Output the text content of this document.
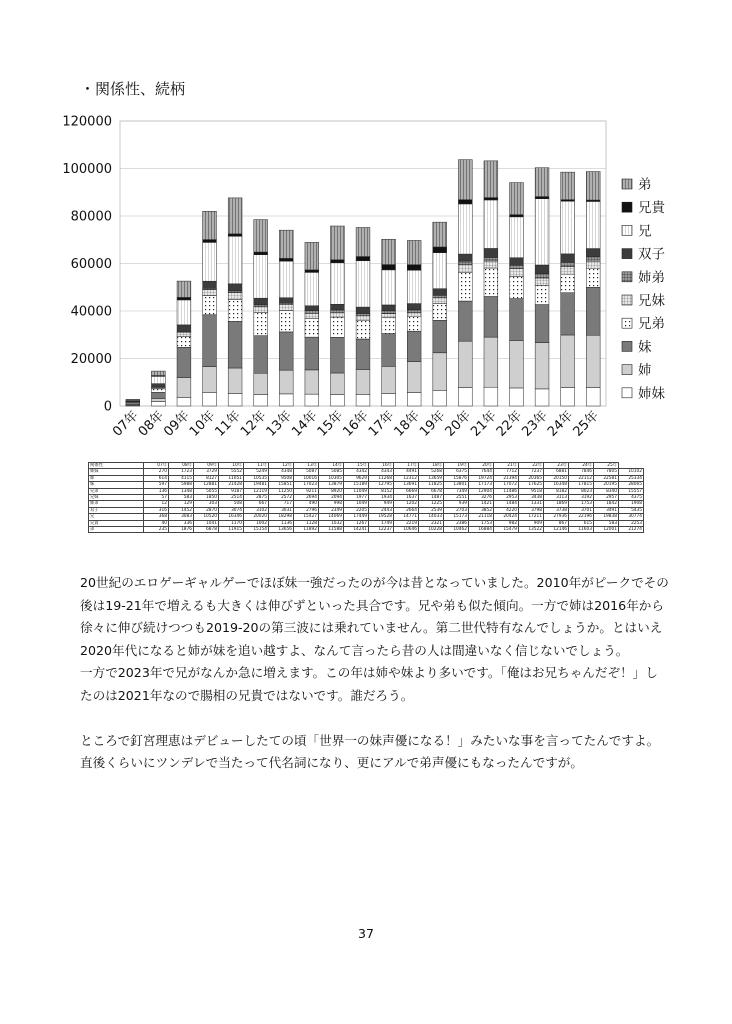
・関係性、続柄
0
20000
40000
60000
80000
100000
120000
07年
08年
09年
10年
11年
12年
13年
14年
15年
16年
17年
18年
19年
20年
21年
22年
23年
24年
25年
弟
兄貴
兄
双子
姉弟
兄妹
兄弟
妹
姉
姉妹
関係性	07年	08年	09年	10年	11年	12年	13年	14年	15年	16年	17年	18年	19年	20年	21年	22年	23年	24年	25年	
姉妹	270	1723	3729	5552	5249	4348	5087	5085	4342	4343	4491	5268	6375	7644	7712	7237	6881	7846	7805	10102
姉	614	4115	8127	11051	10535	9508	10016	10305	9629	11268	12312	13659	15876	19724	21394	20365	20150	22112	22581	25334
妹	597	5988	12881	21428	19481	15851	17023	13879	15189	12795	13691	11825	13801	17173	17072	17625	16348	17815	20195	28065
兄弟	136	1348	5055	9187	12119	11250	9211	8920	11049	8152	6669	6678	7349	12904	11486	9518	8182	8023	8340	15557
兄妹	57	583	1850	2514	2875	2572	2694	2094	1977	1934	1637	1487	2551	3276	2953	3438	3113	3192	2957	4375
姉弟	12	129	303	508	667	717	490	998	1049	949	1202	1225	939	1421	1484	1331	1869	1753	1842	1908
双子	316	1452	2870	3074	3102	3031	2796	2349	2205	2443	2664	2539	2703	3852	4220	3798	3738	3701	3491	5435
兄	368	3083	10520	16346	20020	18298	15427	14069	17449	19528	14771	14033	15173	21118	20424	17211	27936	22196	19838	30774
兄貴	40	336	1041	1170	1002	1136	1128	1032	1267	1749	2219	2321	2386	1753	982	909	867	615	583	2253
弟	235	1876	6878	11915	15154	13656	11892	11588	14241	12237	10646	10228	10462	16884	15479	13522	12146	11603	12001	21274

20世紀のエロゲーギャルゲーでほぼ妹一強だったのが今は昔となっていました。2010年がピークでその後は19-21年で増えるも大きくは伸びずといった具合です。兄や弟も似た傾向。一方で姉は2016年から徐々に伸び続けつつも2019-20の第三波には乗れていません。第二世代特有なんでしょうか。とはいえ2020年代になると姉が妹を追い越すよ、なんて言ったら昔の人は間違いなく信じないでしょう。

一方で2023年で兄がなんか急に増えます。この年は姉や妹より多いです。「俺はお兄ちゃんだぞ！」したのは2021年なので腸相の兄貴ではないです。誰だろう。

ところで釘宮理恵はデビューしたての頃「世界一の妹声優になる！」みたいな事を言ってたんですよ。直後くらいにツンデレで当たって代名詞になり、更にアルで弟声優にもなったんですが。

37
